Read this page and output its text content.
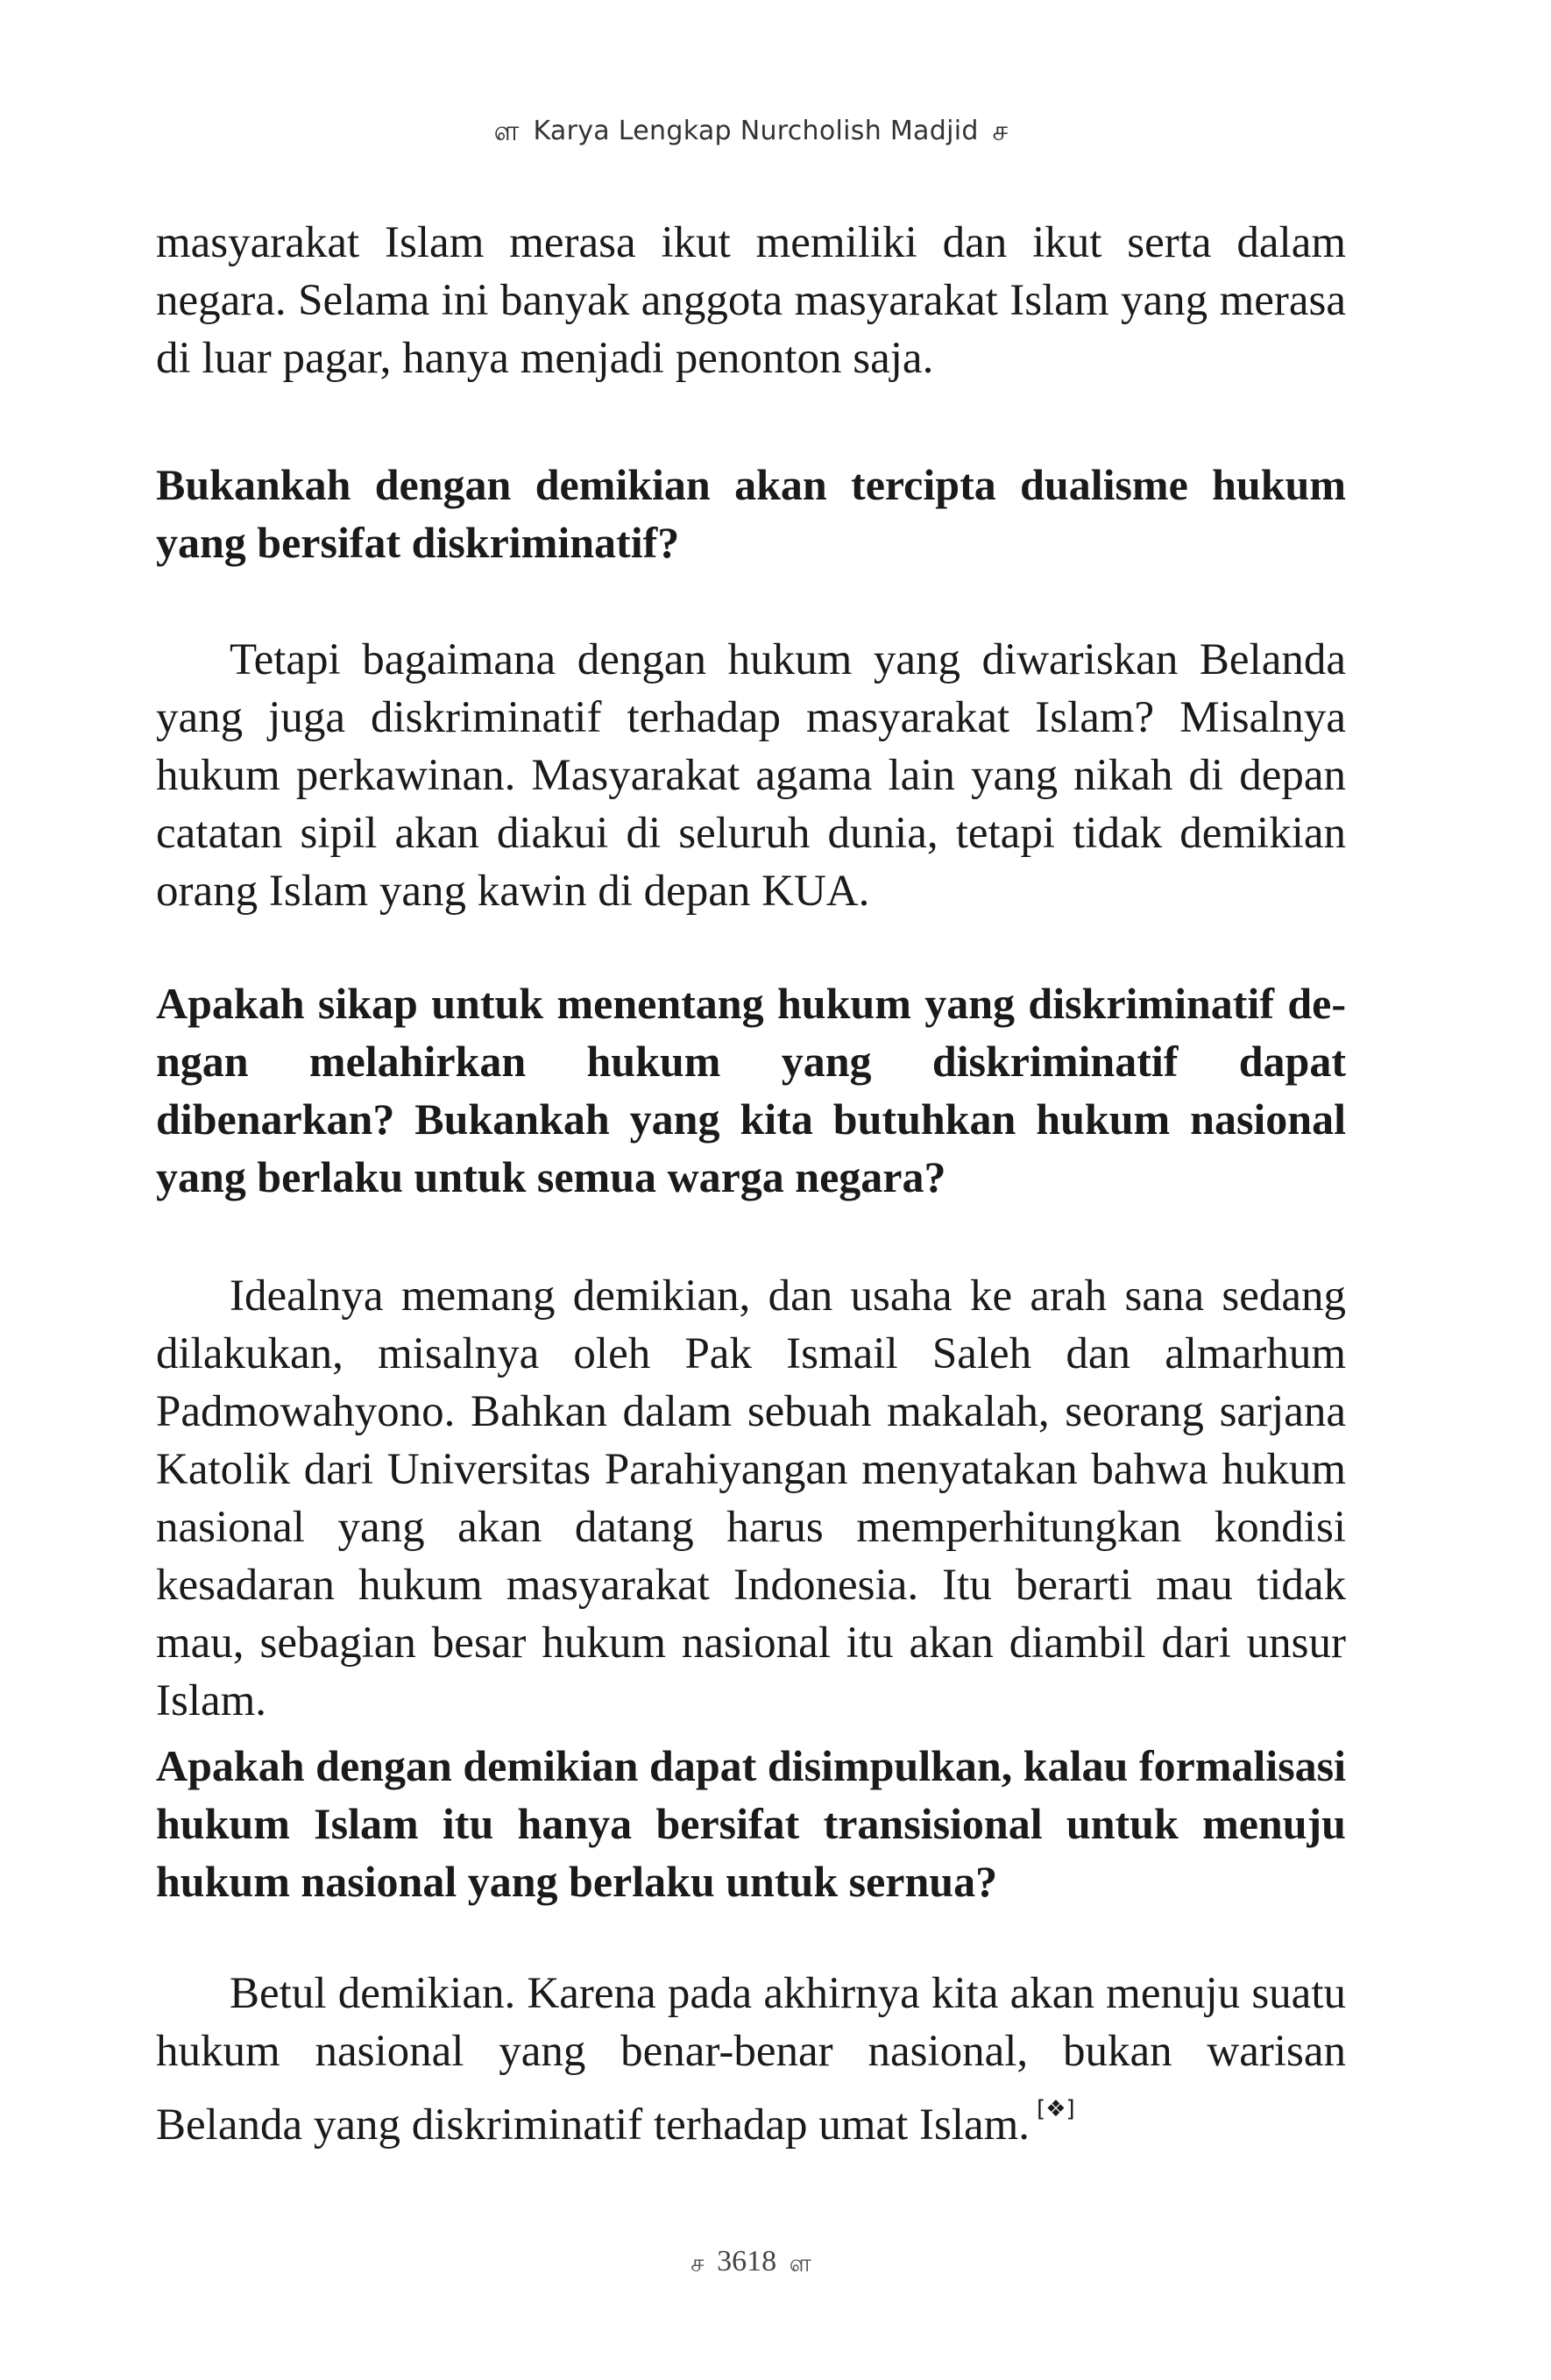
ள Karya Lengkap Nurcholish Madjid ச

masyarakat Islam merasa ikut memiliki dan ikut serta dalam negara. Selama ini banyak anggota masyarakat Islam yang merasa di luar pagar, hanya menjadi penonton saja.

Bukankah dengan demikian akan tercipta dualisme hukum yang bersifat diskriminatif?

Tetapi bagaimana dengan hukum yang diwariskan Belanda yang juga diskriminatif terhadap masyarakat Islam? Misalnya hukum perkawinan. Masyarakat agama lain yang nikah di depan catatan sipil akan diakui di seluruh dunia, tetapi tidak demikian orang Islam yang kawin di depan KUA.

Apakah sikap untuk menentang hukum yang diskriminatif de-ngan melahirkan hukum yang diskriminatif dapat dibenarkan? Bukankah yang kita butuhkan hukum nasional yang berlaku untuk semua warga negara?

Idealnya memang demikian, dan usaha ke arah sana sedang dilakukan, misalnya oleh Pak Ismail Saleh dan almarhum Padmowahyono. Bahkan dalam sebuah makalah, seorang sarjana Katolik dari Universitas Parahiyangan menyatakan bahwa hukum nasional yang akan datang harus memperhitungkan kondisi kesadaran hukum masyarakat Indonesia. Itu berarti mau tidak mau, sebagian besar hukum nasional itu akan diambil dari unsur Islam.

Apakah dengan demikian dapat disimpulkan, kalau formalisasi hukum Islam itu hanya bersifat transisional untuk menuju hukum nasional yang berlaku untuk sernua?

Betul demikian. Karena pada akhirnya kita akan menuju suatu hukum nasional yang benar-benar nasional, bukan warisan Belanda yang diskriminatif terhadap umat Islam. [❖]

ச 3618 ள
